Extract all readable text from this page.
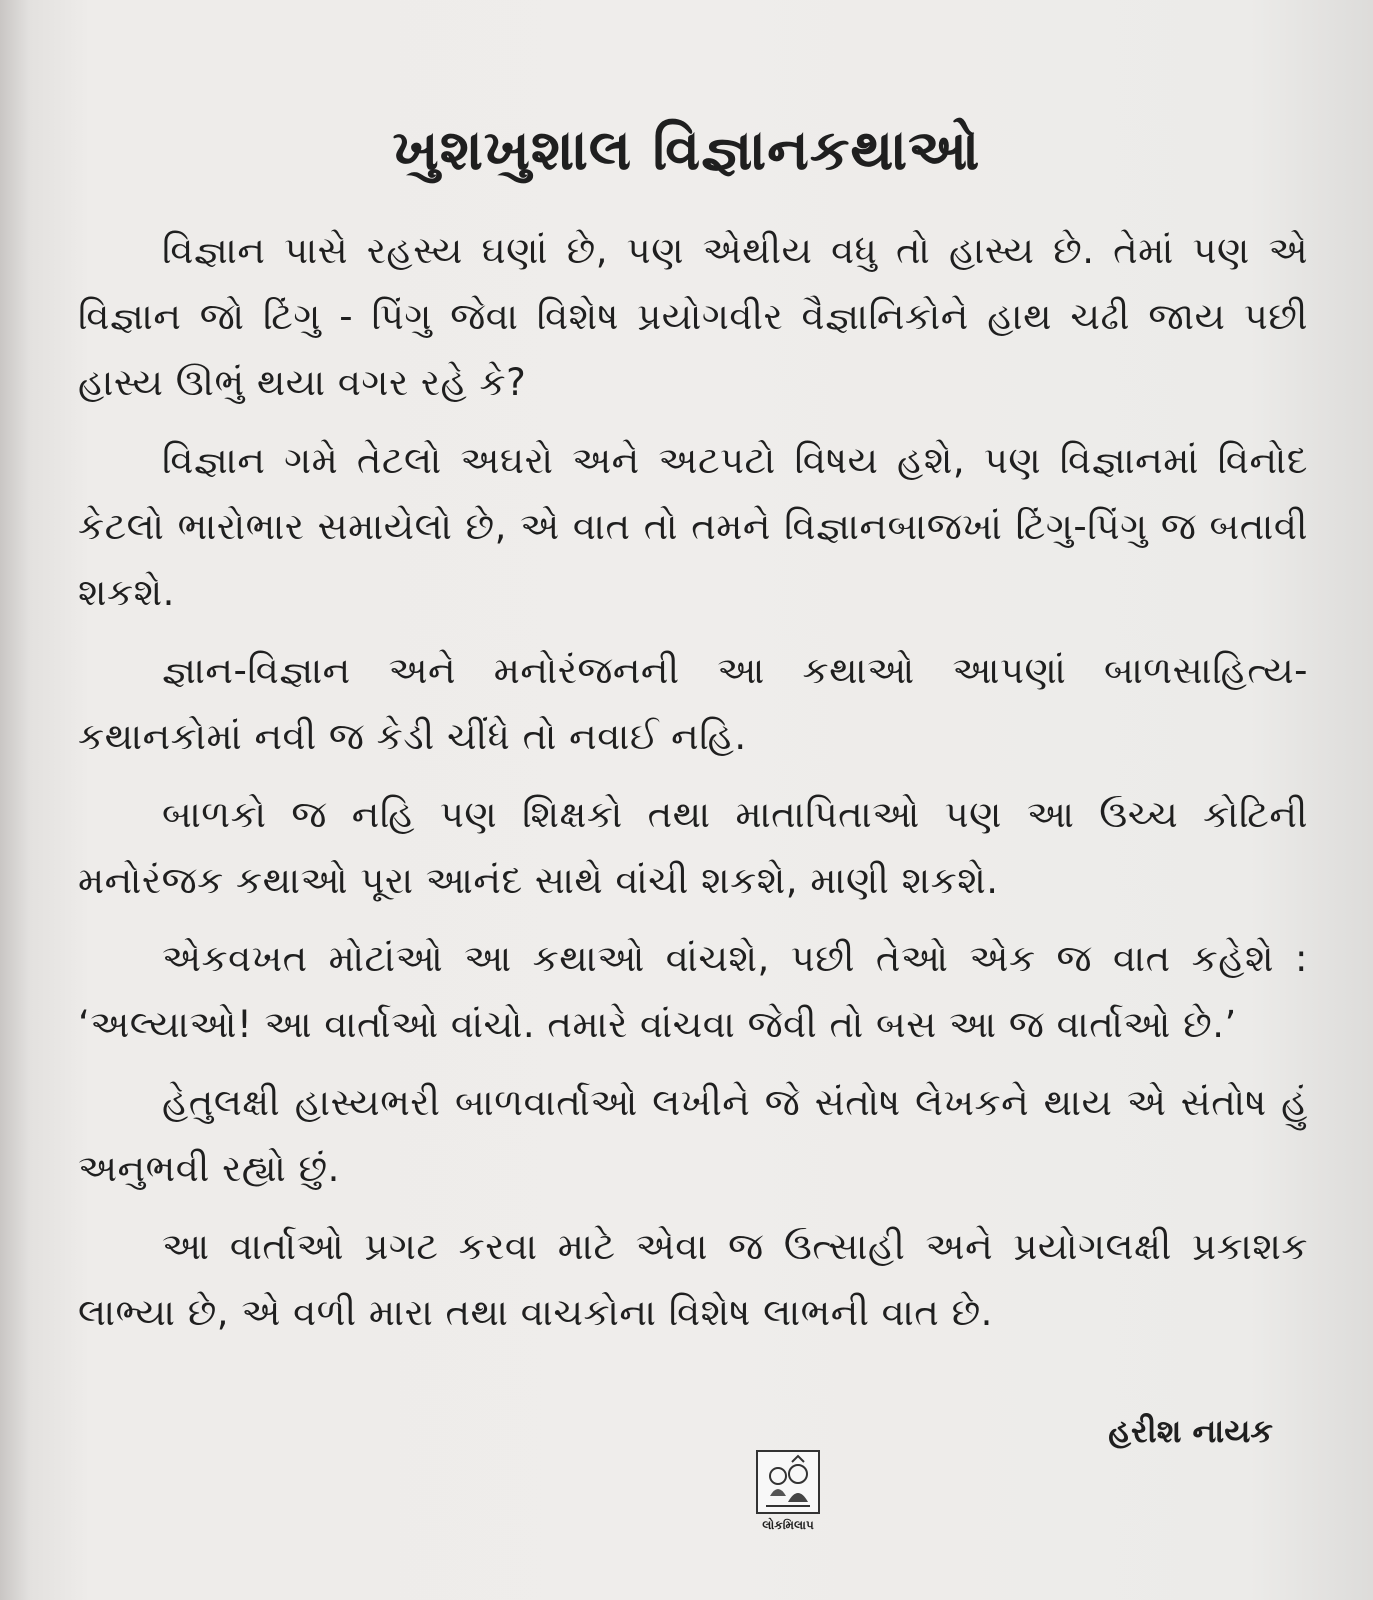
ખુશખુશાલ વિજ્ઞાનકથાઓ

વિજ્ઞાન પાસે રહસ્ય ઘણાં છે, પણ એથીય વધુ તો હાસ્ય છે. તેમાં પણ એ વિજ્ઞાન જો ટિંગુ - પિંગુ જેવા વિશેષ પ્રયોગવીર વૈજ્ઞાનિકોને હાથ ચઢી જાય પછી હાસ્ય ઊભું થયા વગર રહે કે?

વિજ્ઞાન ગમે તેટલો અઘરો અને અટપટો વિષય હશે, પણ વિજ્ઞાનમાં વિનોદ કેટલો ભારોભાર સમાયેલો છે, એ વાત તો તમને વિજ્ઞાનબાજખાં ટિંગુ-પિંગુ જ બતાવી શકશે.

જ્ઞાન-વિજ્ઞાન અને મનોરંજનની આ કથાઓ આપણાં બાળસાહિત્ય-કથાનકોમાં નવી જ કેડી ચીંધે તો નવાઈ નહિ.

બાળકો જ નહિ પણ શિક્ષકો તથા માતાપિતાઓ પણ આ ઉચ્ચ કોટિની મનોરંજક કથાઓ પૂરા આનંદ સાથે વાંચી શકશે, માણી શકશે.

એકવખત મોટાંઓ આ કથાઓ વાંચશે, પછી તેઓ એક જ વાત કહેશે : ‘અલ્યાઓ! આ વાર્તાઓ વાંચો. તમારે વાંચવા જેવી તો બસ આ જ વાર્તાઓ છે.’

હેતુલક્ષી હાસ્યભરી બાળવાર્તાઓ લખીને જે સંતોષ લેખકને થાય એ સંતોષ હું અનુભવી રહ્યો છું.

આ વાર્તાઓ પ્રગટ કરવા માટે એવા જ ઉત્સાહી અને પ્રયોગલક્ષી પ્રકાશક લાભ્યા છે, એ વળી મારા તથા વાચકોના વિશેષ લાભની વાત છે.

હરીશ નાયક

લોકમિલાપ
